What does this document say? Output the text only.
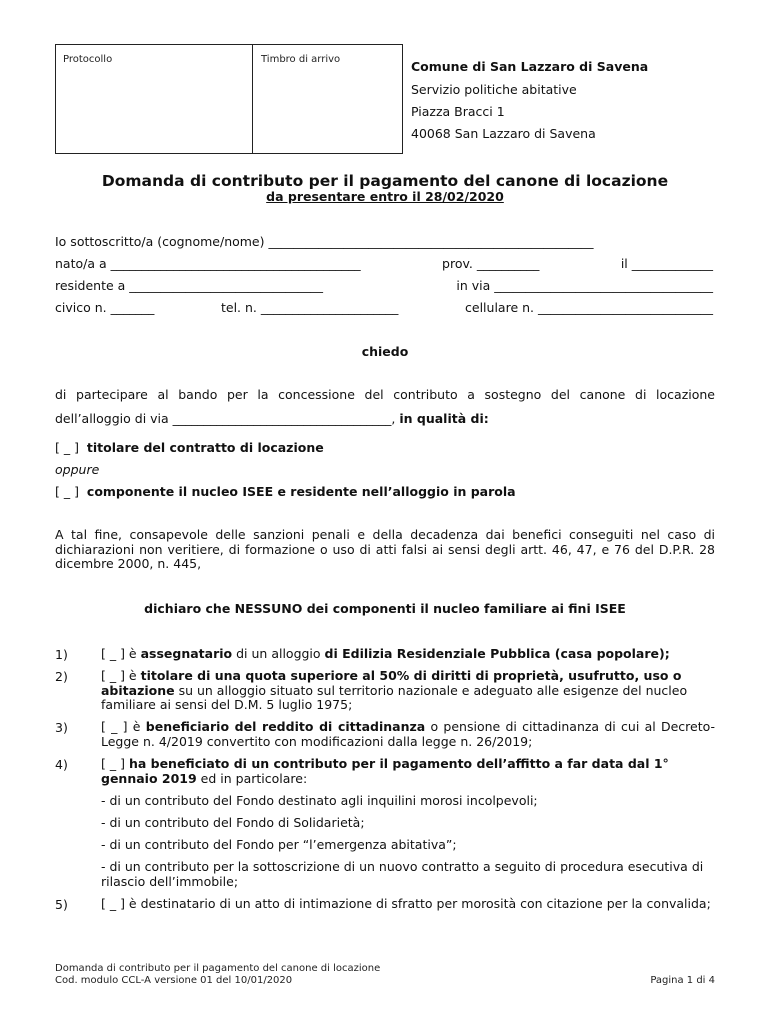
Protocollo	Timbro di arrivo	Comune di San Lazzaro di Savena
Servizio politiche abitative
Piazza Bracci 1
40068 San Lazzaro di Savena
Domanda di contributo per il pagamento del canone di locazione
da presentare entro il 28/02/2020
Io sottoscritto/a (cognome/nome) ____________________________________________________
nato/a a ________________________________________	prov. __________	il _____________
residente a _______________________________	in via ___________________________________
civico n. _______	tel. n. ______________________	cellulare n. ____________________________
chiedo
di partecipare al bando per la concessione del contributo a sostegno del canone di locazione
dell’alloggio di via ___________________________________, in qualità di:
[ _ ] titolare del contratto di locazione
oppure
[ _ ] componente il nucleo ISEE e residente nell’alloggio in parola
A tal fine, consapevole delle sanzioni penali e della decadenza dai benefici conseguiti nel caso di dichiarazioni non veritiere, di formazione o uso di atti falsi ai sensi degli artt. 46, 47, e 76 del D.P.R. 28 dicembre 2000, n. 445,
dichiaro che NESSUNO dei componenti il nucleo familiare ai fini ISEE
1)	[ _ ] è assegnatario di un alloggio di Edilizia Residenziale Pubblica (casa popolare);
2)	[ _ ] è titolare di una quota superiore al 50% di diritti di proprietà, usufrutto, uso o abitazione su un alloggio situato sul territorio nazionale e adeguato alle esigenze del nucleo familiare ai sensi del D.M. 5 luglio 1975;
3)	[ _ ] è beneficiario del reddito di cittadinanza o pensione di cittadinanza di cui al Decreto-Legge n. 4/2019 convertito con modificazioni dalla legge n. 26/2019;
4)	[ _ ] ha beneficiato di un contributo per il pagamento dell’affitto a far data dal 1° gennaio 2019 ed in particolare:
- di un contributo del Fondo destinato agli inquilini morosi incolpevoli;
- di un contributo del Fondo di Solidarietà;
- di un contributo del Fondo per “l’emergenza abitativa”;
- di un contributo per la sottoscrizione di un nuovo contratto a seguito di procedura esecutiva di rilascio dell’immobile;
5)	[ _ ] è destinatario di un atto di intimazione di sfratto per morosità con citazione per la convalida;
Domanda di contributo per il pagamento del canone di locazione
Cod. modulo CCL-A versione 01 del 10/01/2020	Pagina 1 di 4
